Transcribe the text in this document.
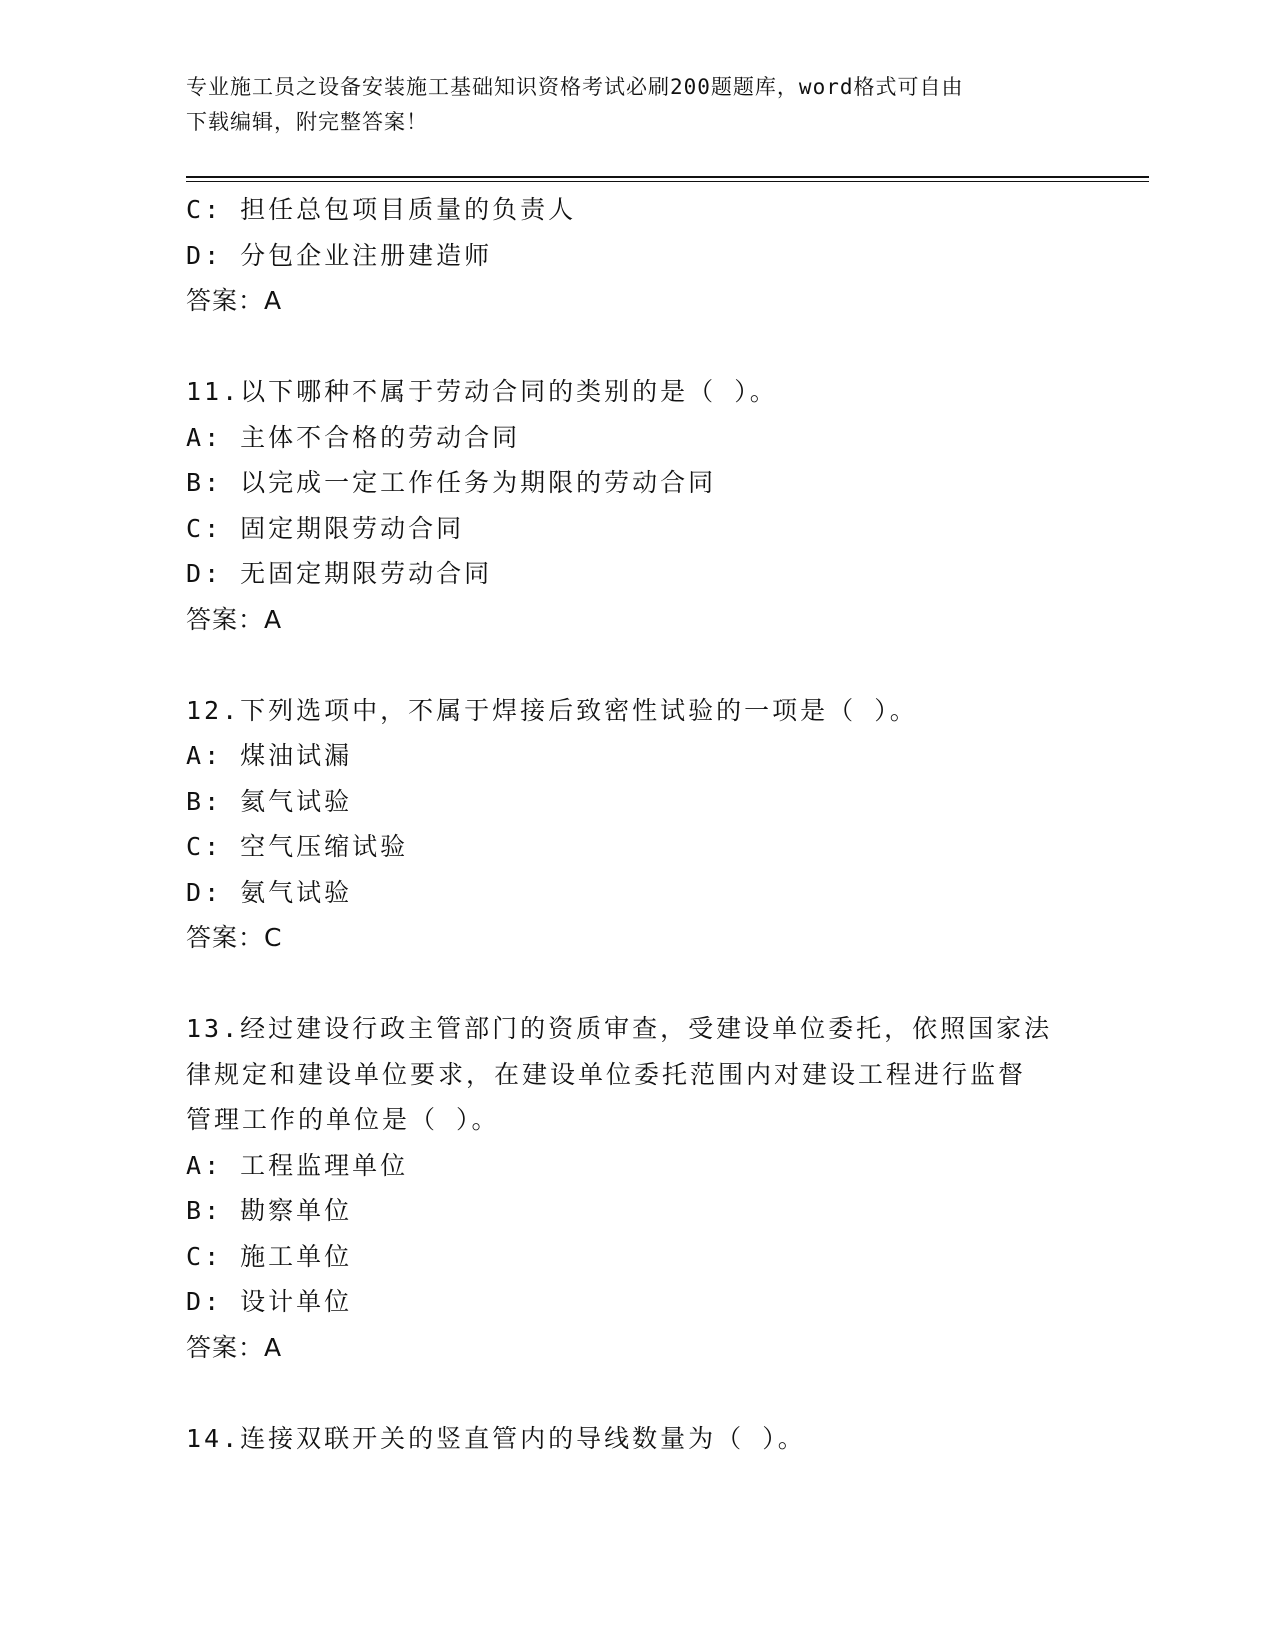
专业施工员之设备安装施工基础知识资格考试必刷200题题库，word格式可自由
下载编辑，附完整答案！
C: 担任总包项目质量的负责人
D: 分包企业注册建造师
答案：A
11.以下哪种不属于劳动合同的类别的是（ ）。
A: 主体不合格的劳动合同
B: 以完成一定工作任务为期限的劳动合同
C: 固定期限劳动合同
D: 无固定期限劳动合同
答案：A
12.下列选项中，不属于焊接后致密性试验的一项是（ ）。
A: 煤油试漏
B: 氦气试验
C: 空气压缩试验
D: 氨气试验
答案：C
13.经过建设行政主管部门的资质审查，受建设单位委托，依照国家法
律规定和建设单位要求，在建设单位委托范围内对建设工程进行监督
管理工作的单位是（ ）。
A: 工程监理单位
B: 勘察单位
C: 施工单位
D: 设计单位
答案：A
14.连接双联开关的竖直管内的导线数量为（ ）。
